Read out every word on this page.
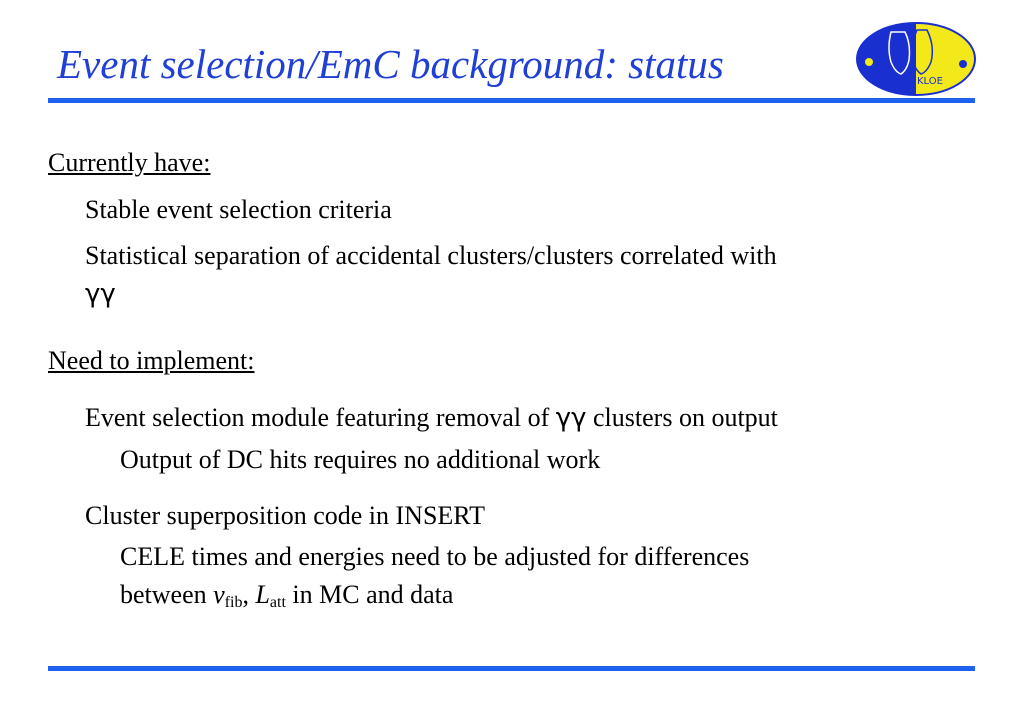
Event selection/EmC background: status	KLOE
Currently have:
Stable event selection criteria
Statistical separation of accidental clusters/clusters correlated with
γγ
Need to implement:
Event selection module featuring removal of γγ clusters on output
Output of DC hits requires no additional work
Cluster superposition code in INSERT
CELE times and energies need to be adjusted for differences
between $v_{fib}$, $L_{att}$ in MC and data
